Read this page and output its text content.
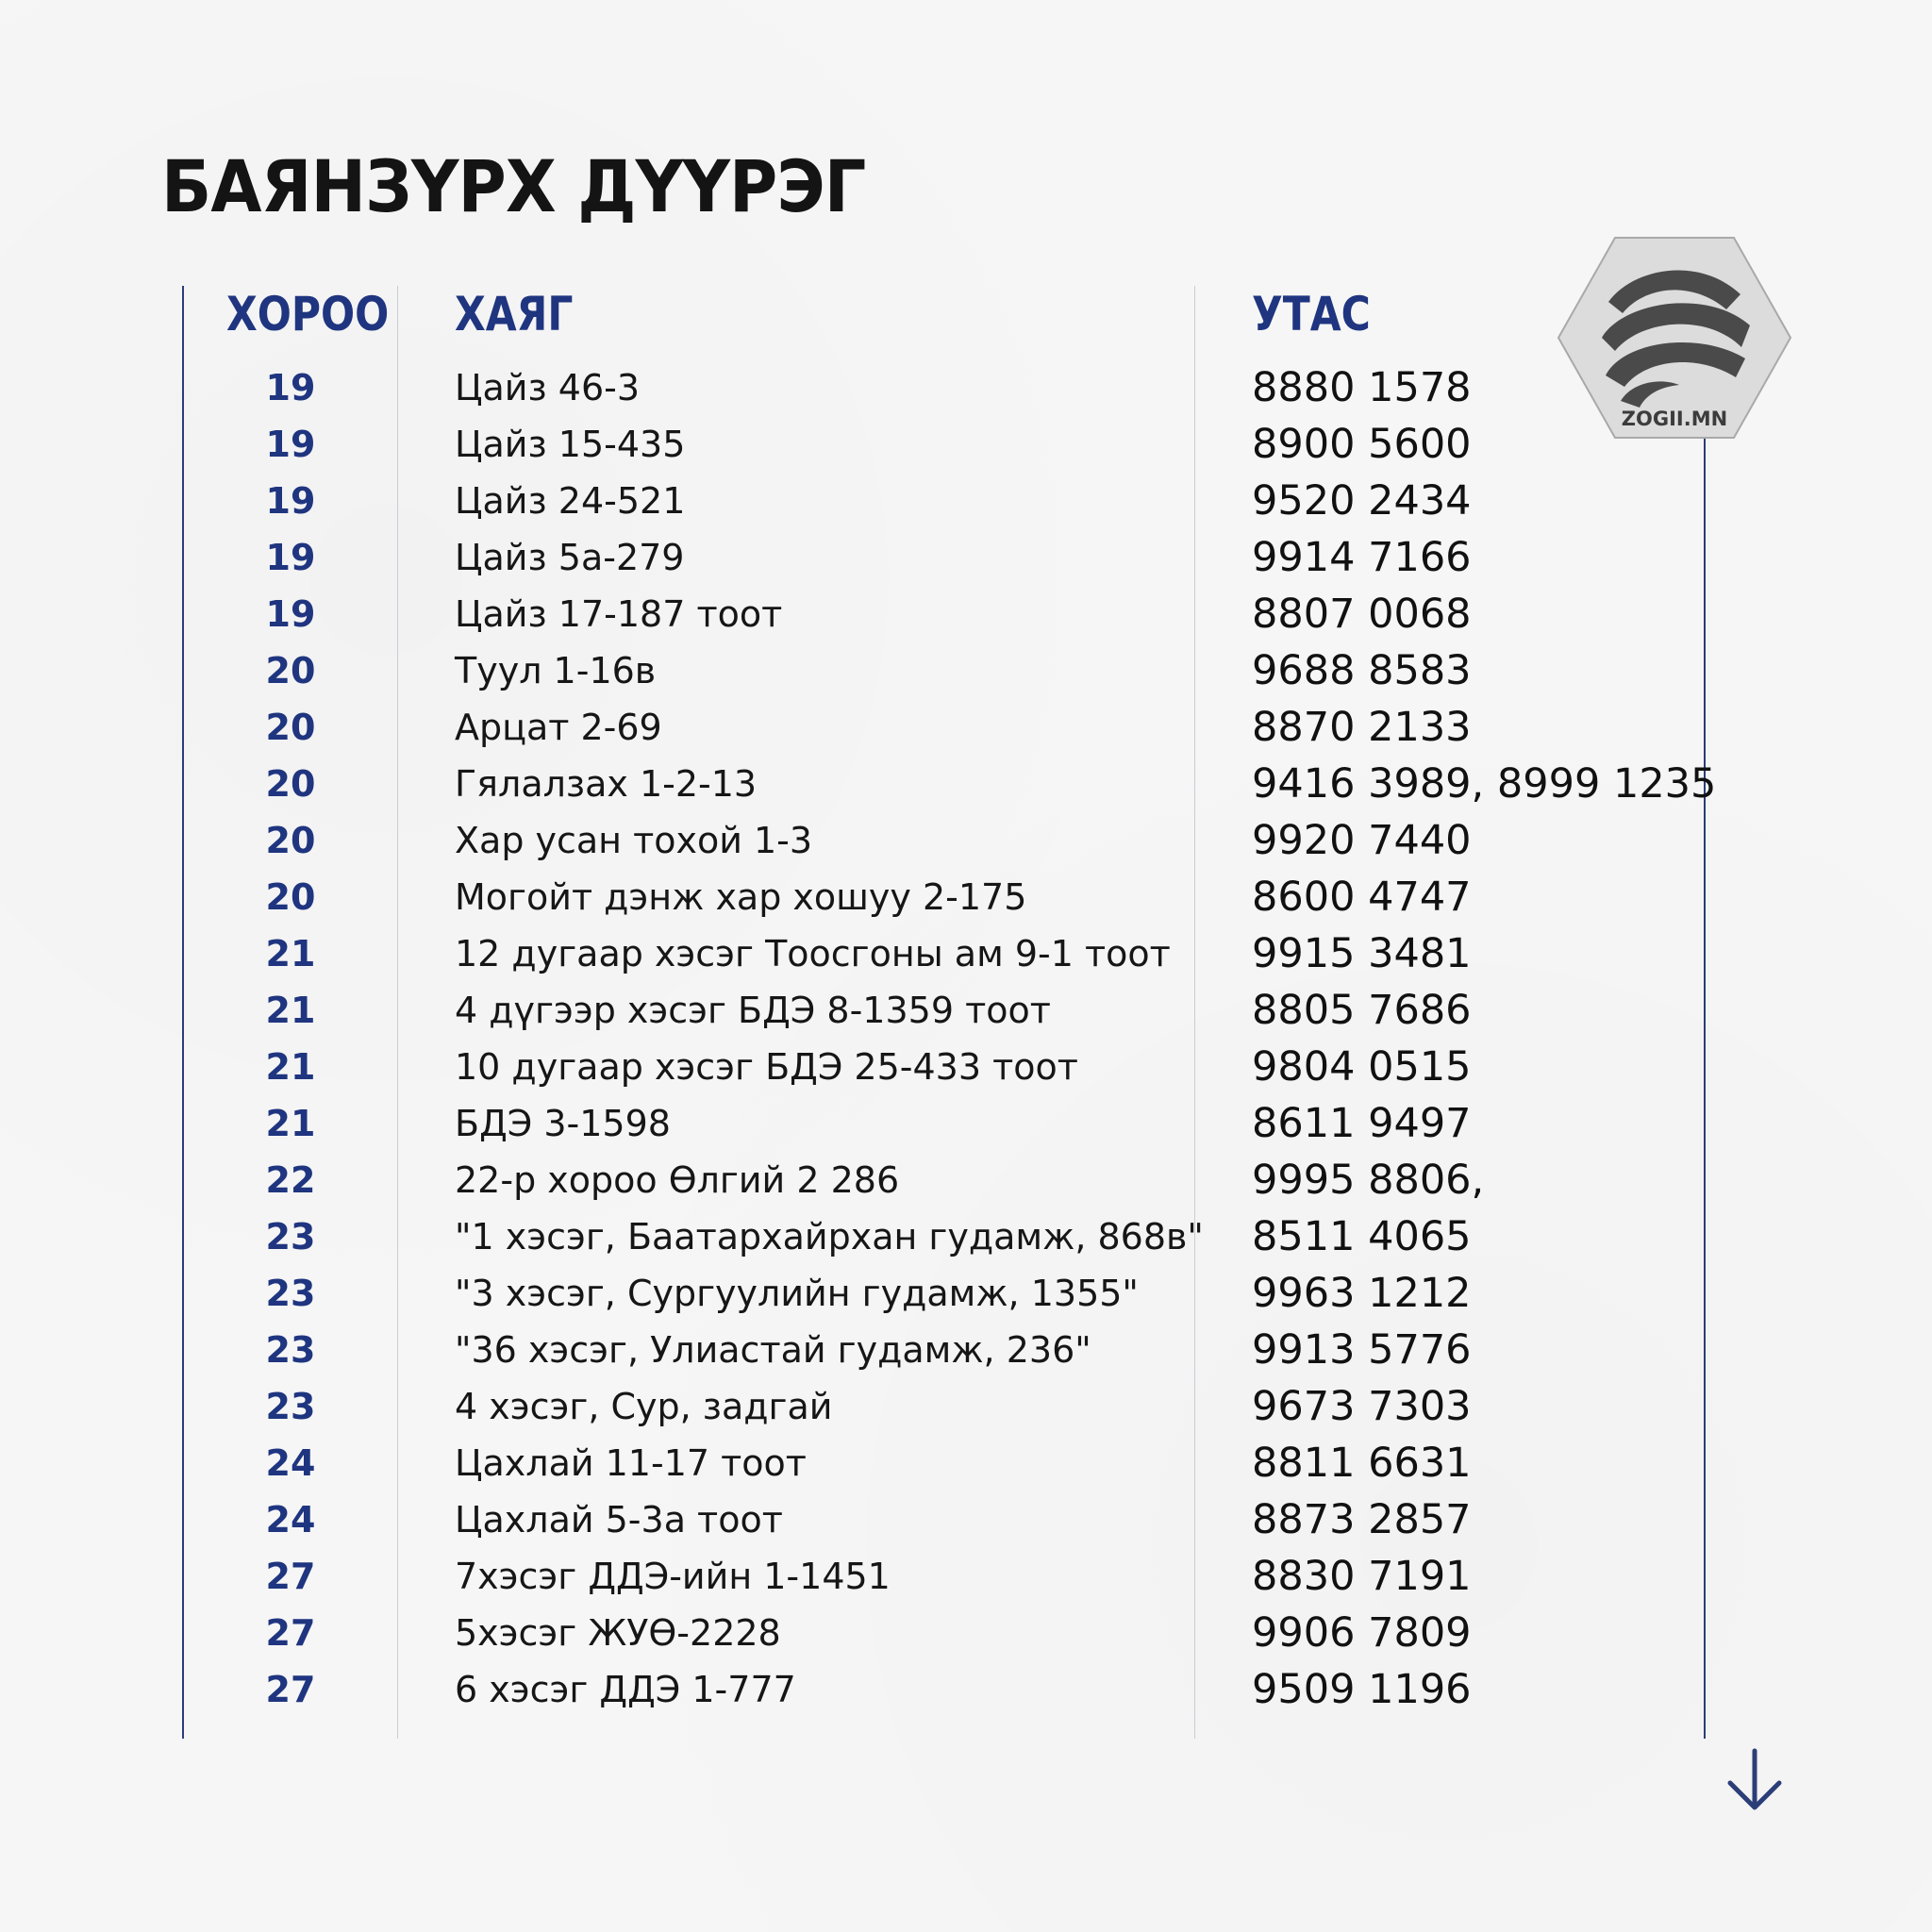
БАЯНЗҮРХ ДҮҮРЭГ
ХОРОО ХАЯГ	УТАС
ZOGII.MN
19	Цайз 46-3	8880 1578
19	Цайз 15-435	8900 5600
19	Цайз 24-521	9520 2434
19	Цайз 5а-279	9914 7166
19	Цайз 17-187 тоот	8807 0068
20	Туул 1-16в	9688 8583
20	Арцат 2-69	8870 2133
20	Гялалзах 1-2-13	9416 3989, 8999 1235
20	Хар усан тохой 1-3	9920 7440
20	Могойт дэнж хар хошуу 2-175	8600 4747
21	12 дугаар хэсэг Тоосгоны ам 9-1 тоот 9915 3481
21	4 дүгээр хэсэг БДЭ 8-1359 тоот	8805 7686
21	10 дугаар хэсэг БДЭ 25-433 тоот	9804 0515
21	БДЭ 3-1598	8611 9497
22	22-р хороо Өлгий 2 286	9995 8806,
23	"1 хэсэг, Баатархайрхан гудамж, 868в" 8511 4065
23	"3 хэсэг, Сургуулийн гудамж, 1355"	9963 1212
23	"36 хэсэг, Улиастай гудамж, 236"	9913 5776
23	4 хэсэг, Сур, задгай	9673 7303
24	Цахлай 11-17 тоот	8811 6631
24	Цахлай 5-3а тоот	8873 2857
27	7хэсэг ДДЭ-ийн 1-1451	8830 7191
27	5хэсэг ЖУӨ-2228	9906 7809
27	6 хэсэг ДДЭ 1-777	9509 1196
